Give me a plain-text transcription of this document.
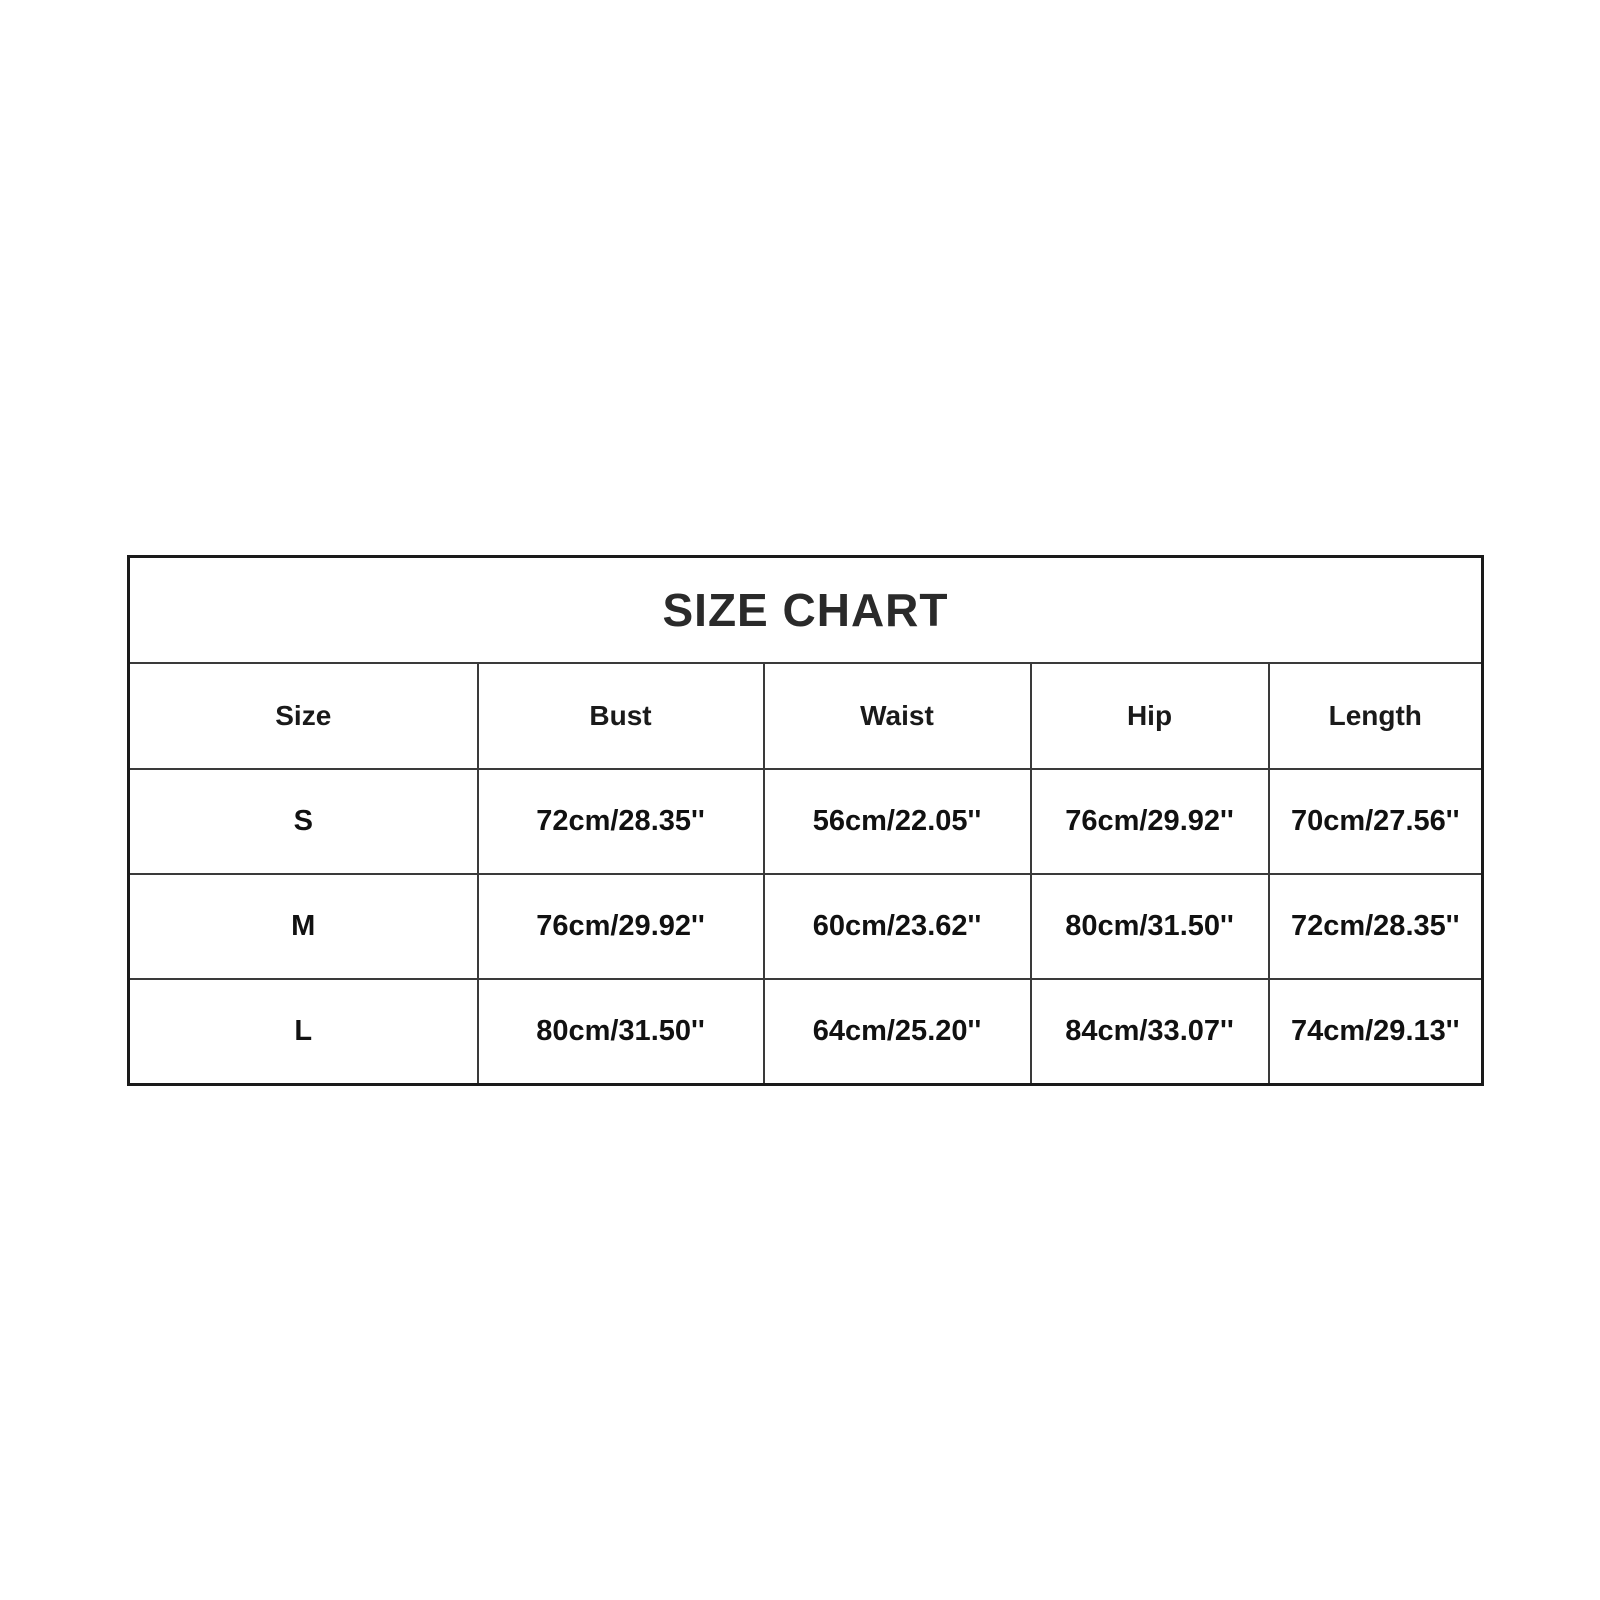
SIZE CHART				
Size	Bust	Waist	Hip	Length
S	72cm/28.35''	56cm/22.05''	76cm/29.92''	70cm/27.56''
M	76cm/29.92''	60cm/23.62''	80cm/31.50''	72cm/28.35''
L	80cm/31.50''	64cm/25.20''	84cm/33.07''	74cm/29.13''
